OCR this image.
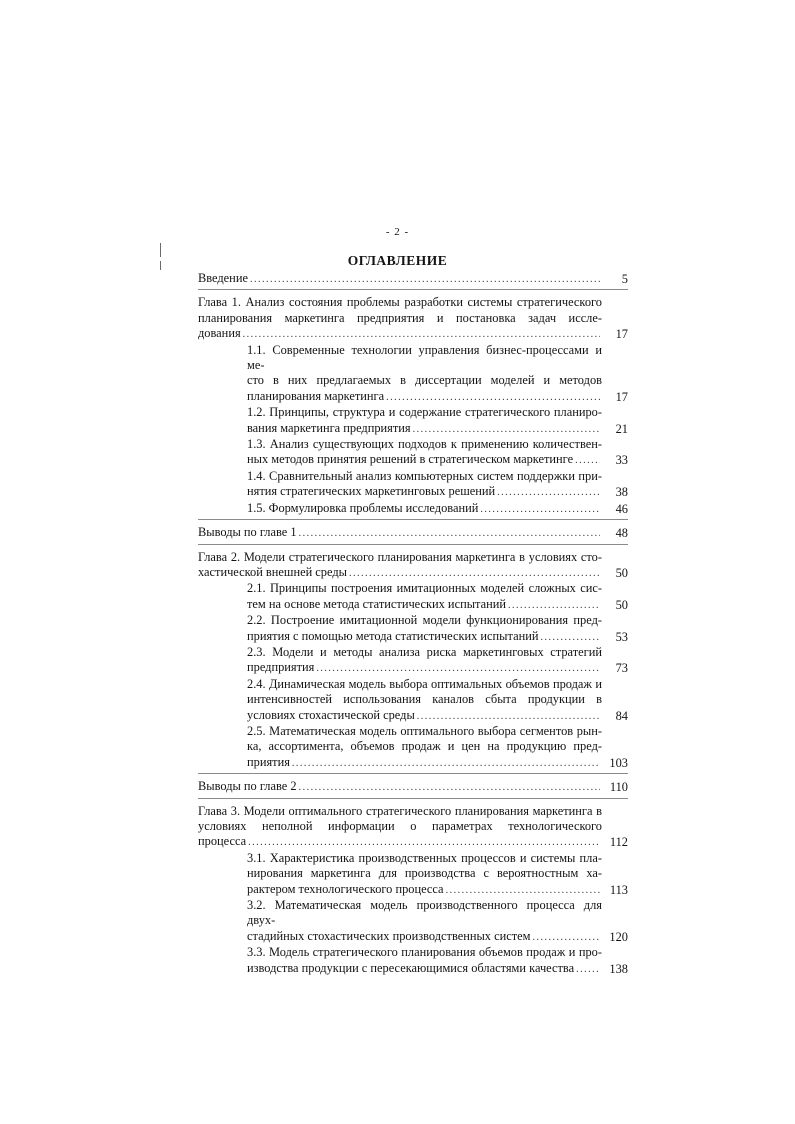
- 2 -
ОГЛАВЛЕНИЕ
Введение .....	5
Глава 1. Анализ состояния проблемы разработки системы стратегического
планирования маркетинга предприятия и постановка задач иссле-
дования .....	17
1.1. Современные технологии управления бизнес-процессами и ме-
сто в них предлагаемых в диссертации моделей и методов
планирования маркетинга .....	17
1.2. Принципы, структура и содержание стратегического планиро-
вания маркетинга предприятия .....	21
1.3. Анализ существующих подходов к применению количествен-
ных методов принятия решений в стратегическом маркетинге .....	33
1.4. Сравнительный анализ компьютерных систем поддержки при-
нятия стратегических маркетинговых решений .....	38
1.5. Формулировка проблемы исследований .....	46
Выводы по главе 1 .....	48
Глава 2. Модели стратегического планирования маркетинга в условиях сто-
хастической внешней среды .....	50
2.1. Принципы построения имитационных моделей сложных сис-
тем на основе метода статистических испытаний .....	50
2.2. Построение имитационной модели функционирования пред-
приятия с помощью метода статистических испытаний .....	53
2.3. Модели и методы анализа риска маркетинговых стратегий
предприятия .....	73
2.4. Динамическая модель выбора оптимальных объемов продаж и
интенсивностей использования каналов сбыта продукции в
условиях стохастической среды .....	84
2.5. Математическая модель оптимального выбора сегментов рын-
ка, ассортимента, объемов продаж и цен на продукцию пред-
приятия .....	103
Выводы по главе 2 .....	110
Глава 3. Модели оптимального стратегического планирования маркетинга в
условиях неполной информации о параметрах технологического
процесса .....	112
3.1. Характеристика производственных процессов и системы пла-
нирования маркетинга для производства с вероятностным ха-
рактером технологического процесса .....	113
3.2. Математическая модель производственного процесса для двух-
стадийных стохастических производственных систем .....	120
3.3. Модель стратегического планирования объемов продаж и про-
изводства продукции с пересекающимися областями качества .....	138
